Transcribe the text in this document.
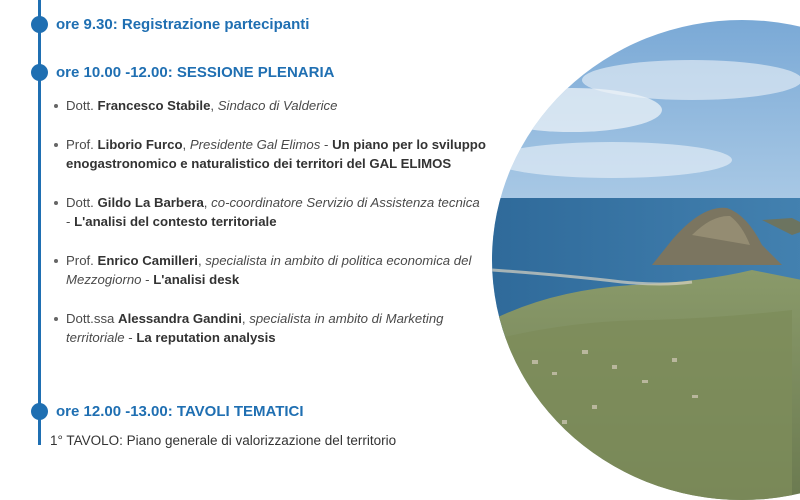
ore 9.30: Registrazione partecipanti
ore 10.00 -12.00: SESSIONE PLENARIA
Dott. Francesco Stabile, Sindaco di Valderice
Prof. Liborio Furco, Presidente Gal Elimos - Un piano per lo sviluppo enogastronomico e naturalistico dei territori del GAL ELIMOS
Dott. Gildo La Barbera, co-coordinatore Servizio di Assistenza tecnica - L'analisi del contesto territoriale
Prof. Enrico Camilleri, specialista in ambito di politica economica del Mezzogiorno - L'analisi desk
Dott.ssa Alessandra Gandini, specialista in ambito di Marketing territoriale - La reputation analysis
ore 12.00 -13.00: TAVOLI TEMATICI
1° TAVOLO: Piano generale di valorizzazione del territorio
